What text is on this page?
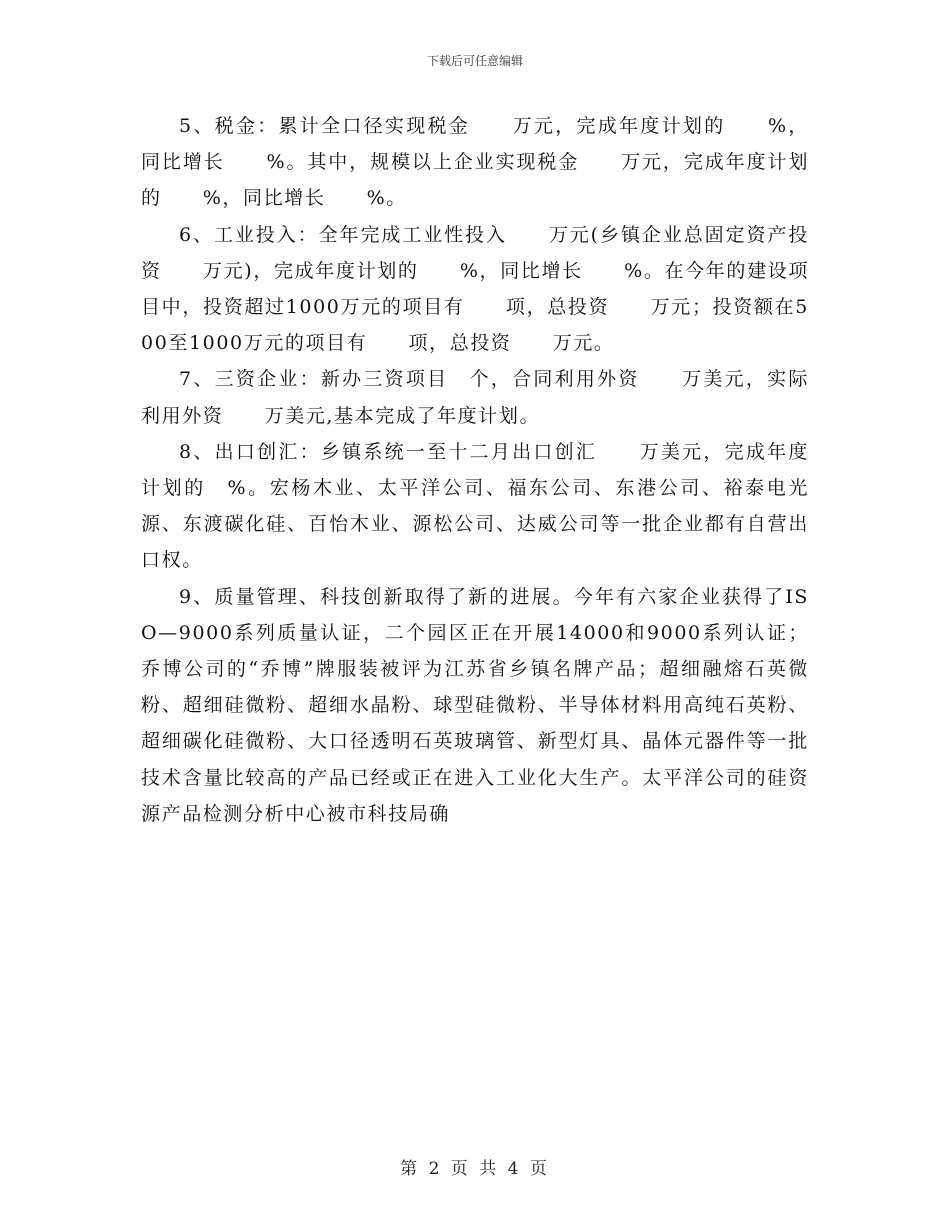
下载后可任意编辑

5、税金：累计全口径实现税金　　万元，完成年度计划的　　%，同比增长　　%。其中，规模以上企业实现税金　　万元，完成年度计划的　　%，同比增长　　%。

6、工业投入：全年完成工业性投入　　万元(乡镇企业总固定资产投资　　万元)，完成年度计划的　　%，同比增长　　%。在今年的建设项目中，投资超过1000万元的项目有　　项，总投资　　万元；投资额在500至1000万元的项目有　　项，总投资　　万元。

7、三资企业：新办三资项目　个，合同利用外资　　万美元，实际利用外资　　万美元,基本完成了年度计划。

8、出口创汇：乡镇系统一至十二月出口创汇　　万美元，完成年度计划的　%。宏杨木业、太平洋公司、福东公司、东港公司、裕泰电光源、东渡碳化硅、百怡木业、源松公司、达威公司等一批企业都有自营出口权。

9、质量管理、科技创新取得了新的进展。今年有六家企业获得了ISO—9000系列质量认证，二个园区正在开展14000和9000系列认证；乔博公司的“乔博”牌服装被评为江苏省乡镇名牌产品；超细融熔石英微粉、超细硅微粉、超细水晶粉、球型硅微粉、半导体材料用高纯石英粉、超细碳化硅微粉、大口径透明石英玻璃管、新型灯具、晶体元器件等一批技术含量比较高的产品已经或正在进入工业化大生产。太平洋公司的硅资源产品检测分析中心被市科技局确

第 2 页 共 4 页
